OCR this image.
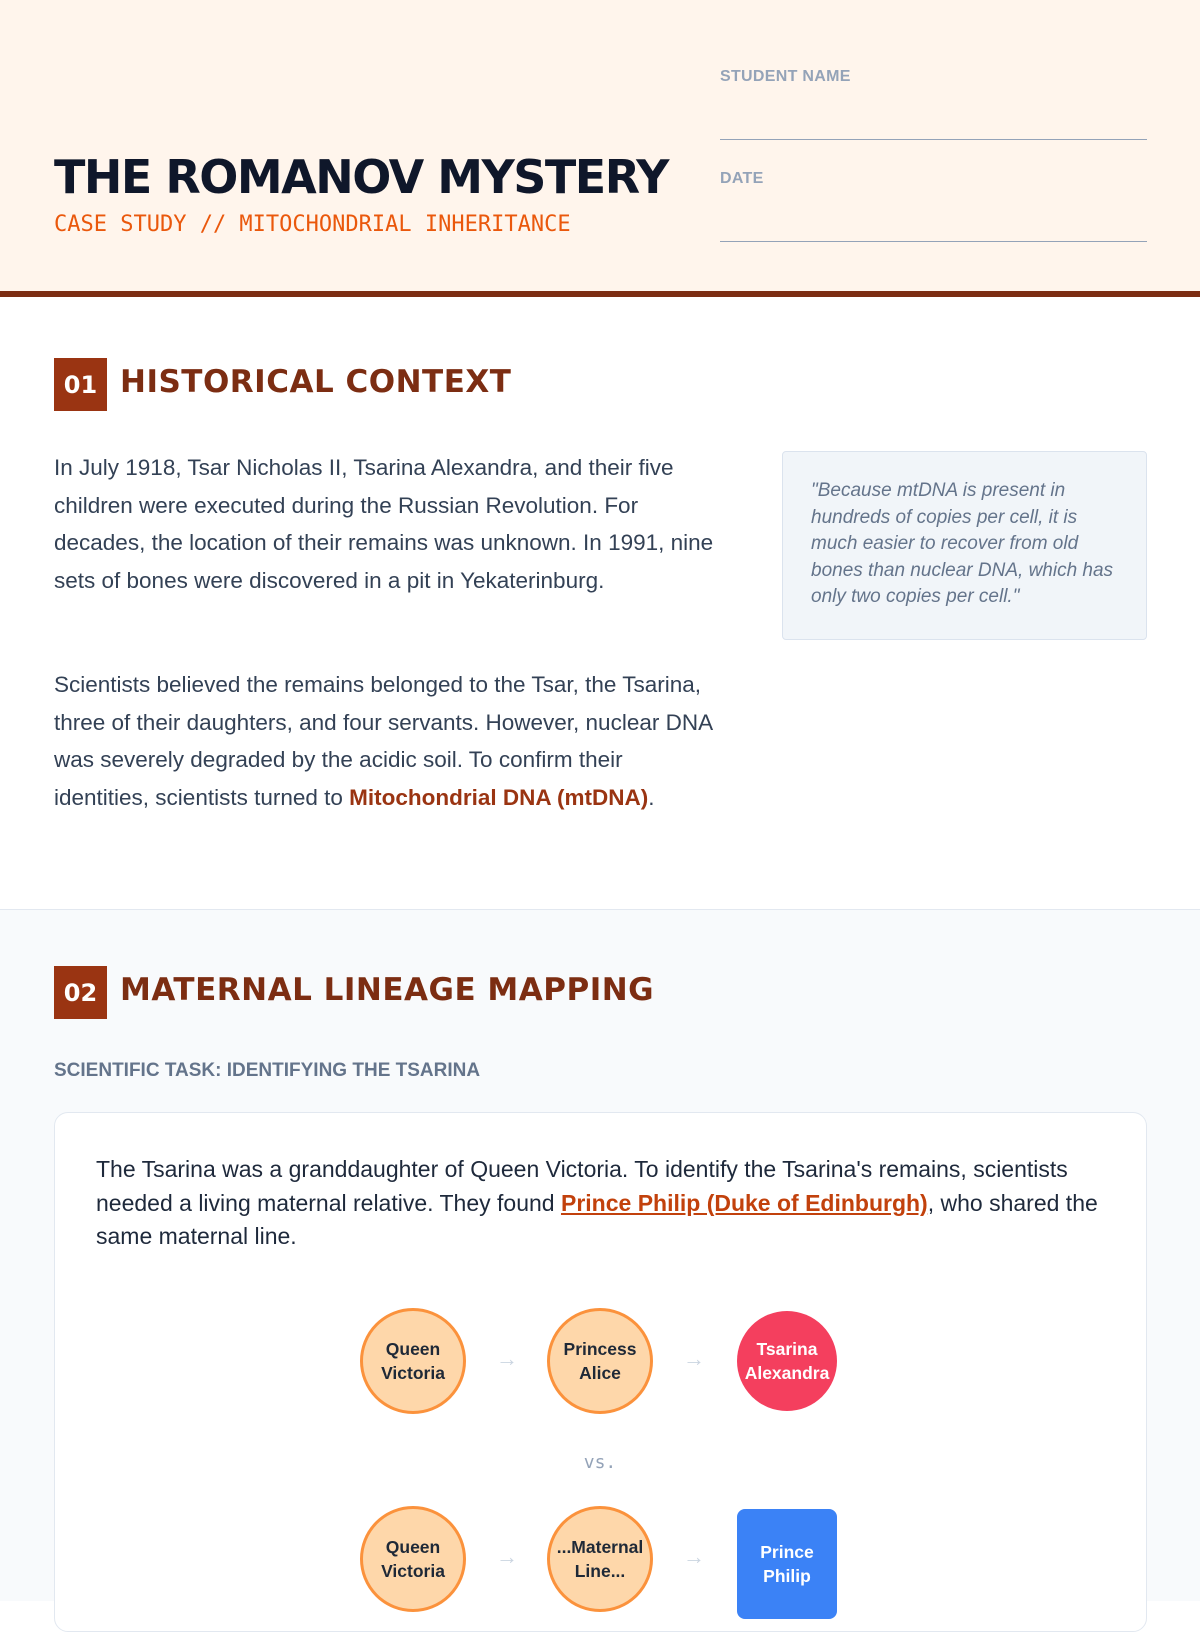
THE ROMANOV MYSTERY
CASE STUDY // MITOCHONDRIAL INHERITANCE
STUDENT NAME
DATE
01 HISTORICAL CONTEXT

In July 1918, Tsar Nicholas II, Tsarina Alexandra, and their five children were executed during the Russian Revolution. For decades, the location of their remains was unknown. In 1991, nine sets of bones were discovered in a pit in Yekaterinburg.

Scientists believed the remains belonged to the Tsar, the Tsarina, three of their daughters, and four servants. However, nuclear DNA was severely degraded by the acidic soil. To confirm their identities, scientists turned to Mitochondrial DNA (mtDNA).

"Because mtDNA is present in hundreds of copies per cell, it is much easier to recover from old bones than nuclear DNA, which has only two copies per cell."
02 MATERNAL LINEAGE MAPPING
SCIENTIFIC TASK: IDENTIFYING THE TSARINA

The Tsarina was a granddaughter of Queen Victoria. To identify the Tsarina's remains, scientists needed a living maternal relative. They found Prince Philip (Duke of Edinburgh), who shared the same maternal line.

Queen
Victoria
→	Princess
Alice
→	Tsarina
Alexandra
vs.
Queen
Victoria
→ ...Maternal
Line...
→	Prince
Philip
